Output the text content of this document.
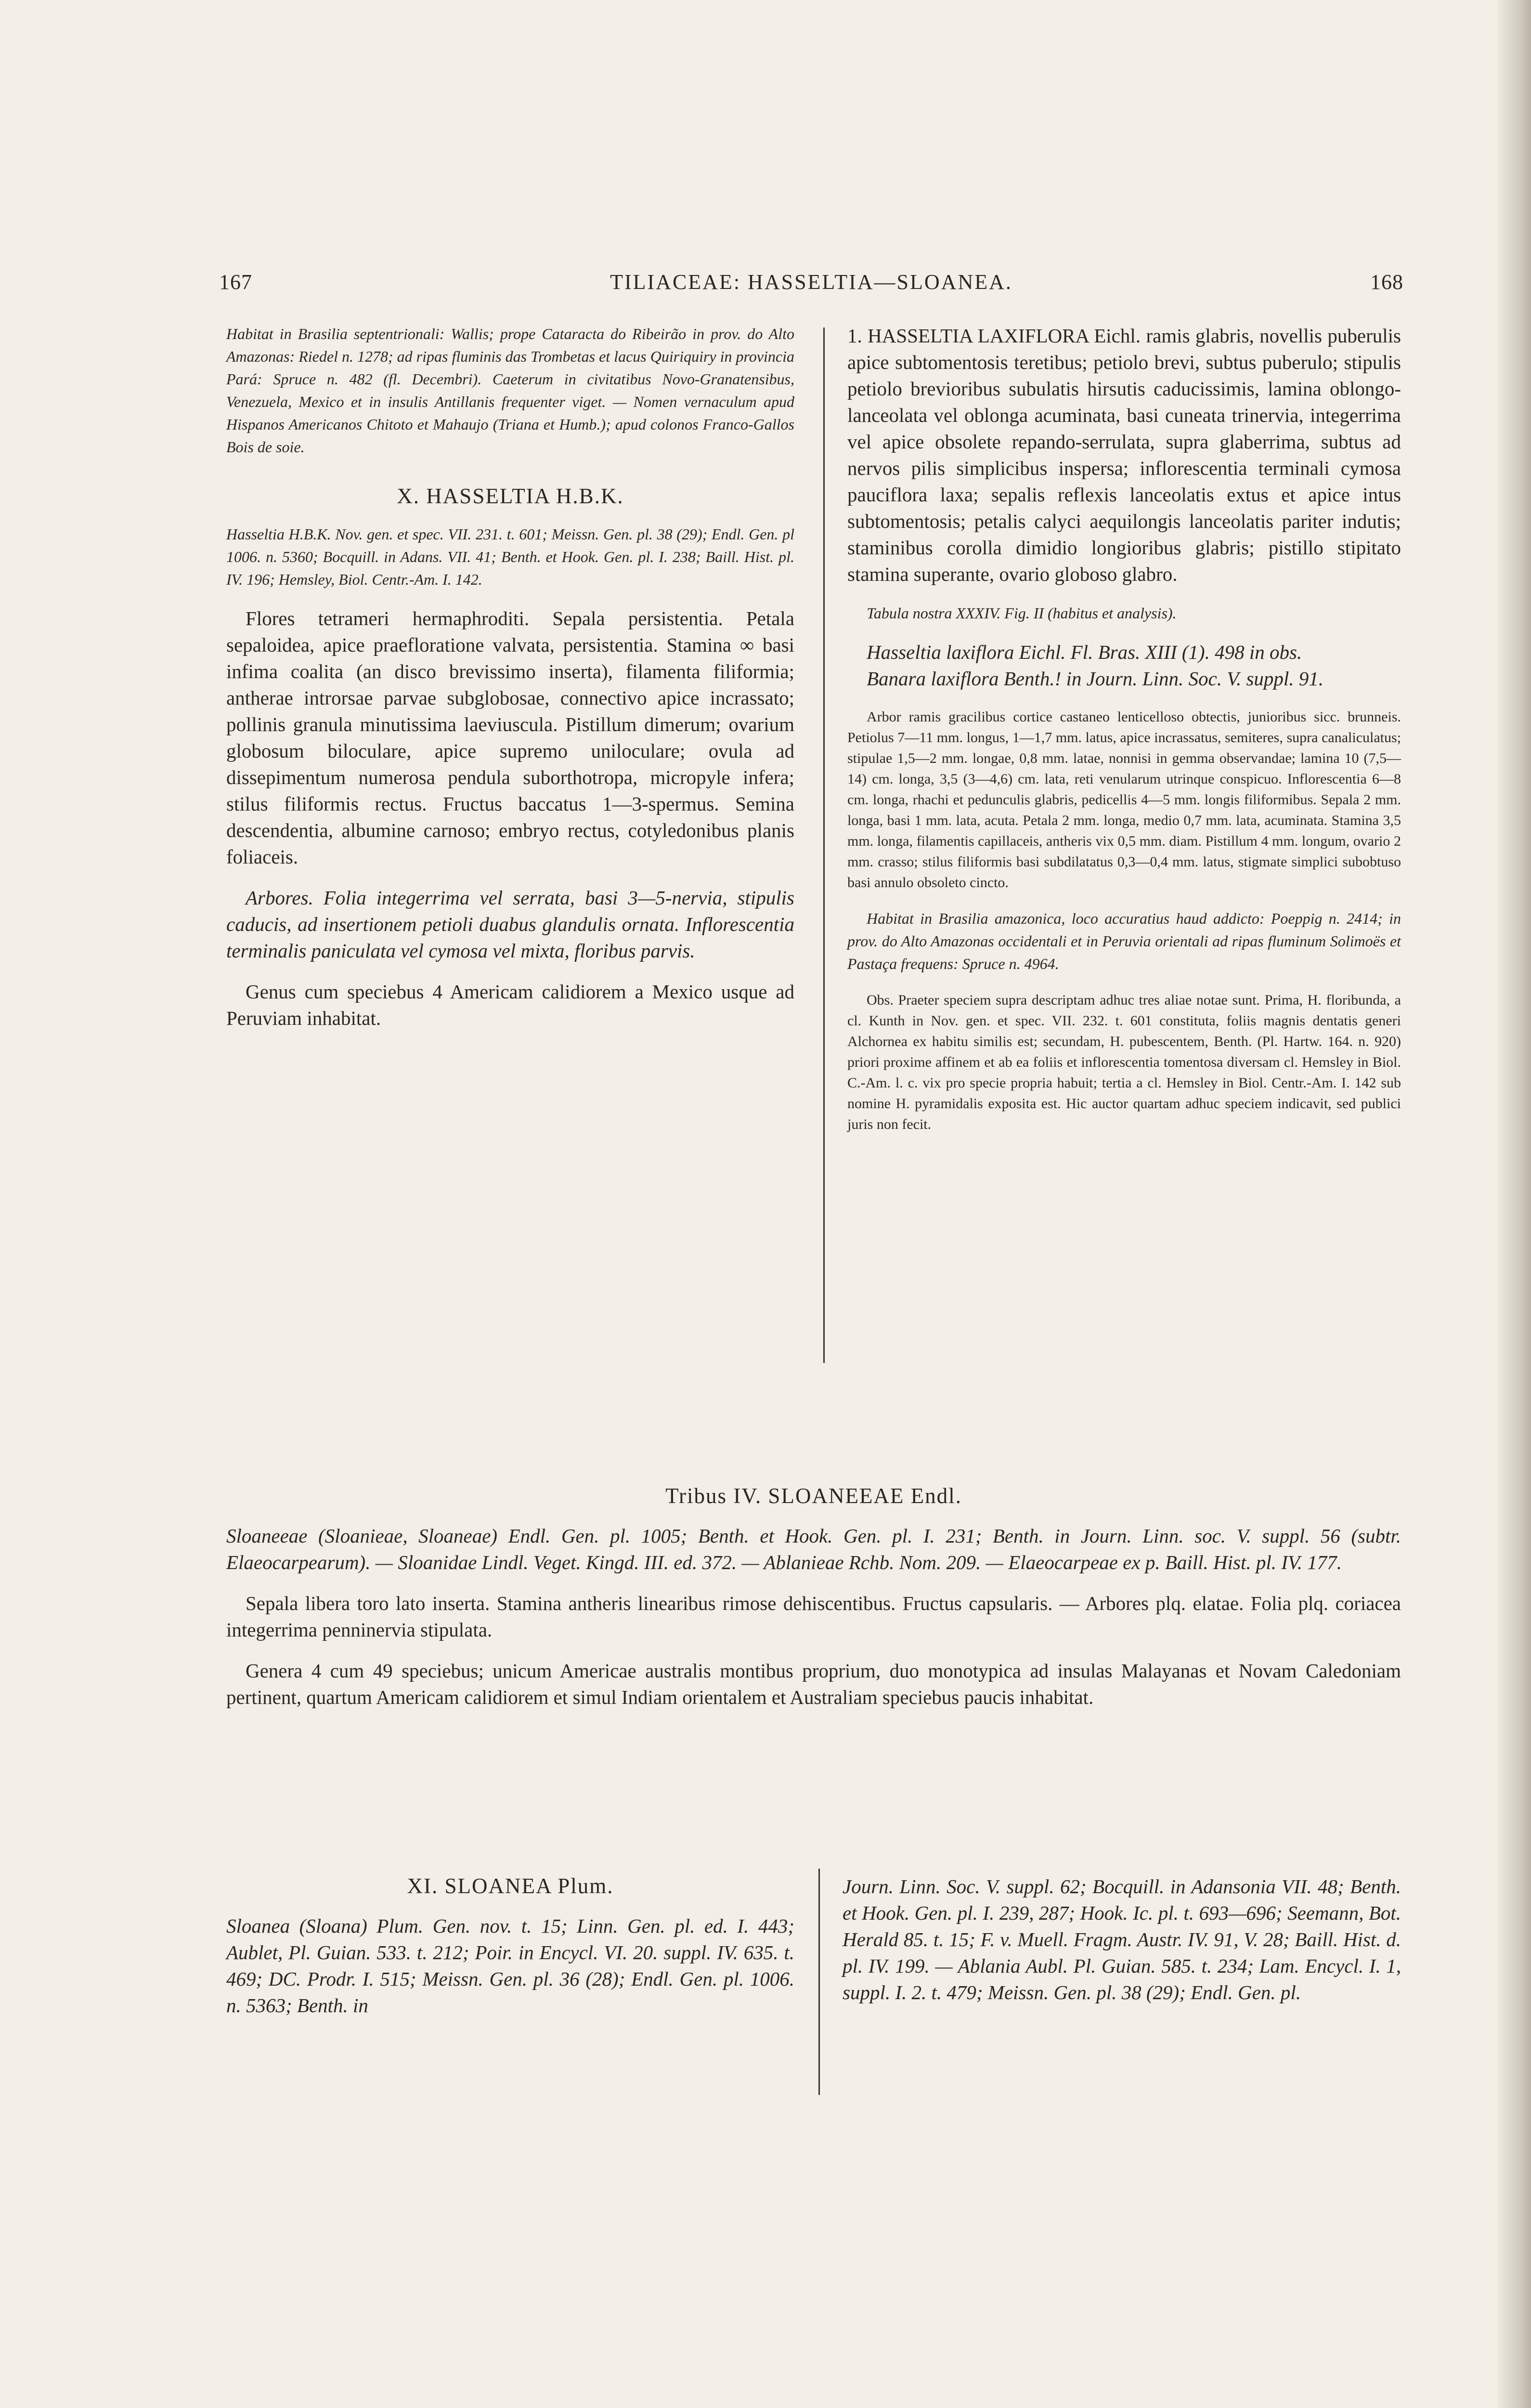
167	TILIACEAE: HASSELTIA—SLOANEA.	168

Habitat in Brasilia septentrionali: Wallis; prope Cataracta do Ribeirão in prov. do Alto Amazonas: Riedel n. 1278; ad ripas fluminis das Trombetas et lacus Quiriquiry in provincia Pará: Spruce n. 482 (fl. Decembri). Caeterum in civitatibus Novo-Granatensibus, Venezuela, Mexico et in insulis Antillanis frequenter viget. — Nomen vernaculum apud Hispanos Americanos Chitoto et Mahaujo (Triana et Humb.); apud colonos Franco-Gallos Bois de soie.

X. HASSELTIA H.B.K.

Hasseltia H.B.K. Nov. gen. et spec. VII. 231. t. 601; Meissn. Gen. pl. 38 (29); Endl. Gen. pl 1006. n. 5360; Bocquill. in Adans. VII. 41; Benth. et Hook. Gen. pl. I. 238; Baill. Hist. pl. IV. 196; Hemsley, Biol. Centr.-Am. I. 142.

Flores tetrameri hermaphroditi. Sepala persistentia. Petala sepaloidea, apice praefloratione valvata, persistentia. Stamina ∞ basi infima coalita (an disco brevissimo inserta), filamenta filiformia; antherae introrsae parvae subglobosae, connectivo apice incrassato; pollinis granula minutissima laeviuscula. Pistillum dimerum; ovarium globosum biloculare, apice supremo uniloculare; ovula ad dissepimentum numerosa pendula suborthotropa, micropyle infera; stilus filiformis rectus. Fructus baccatus 1—3-spermus. Semina descendentia, albumine carnoso; embryo rectus, cotyledonibus planis foliaceis.

Arbores. Folia integerrima vel serrata, basi 3—5-nervia, stipulis caducis, ad insertionem petioli duabus glandulis ornata. Inflorescentia terminalis paniculata vel cymosa vel mixta, floribus parvis.

Genus cum speciebus 4 Americam calidiorem a Mexico usque ad Peruviam inhabitat.

1. HASSELTIA LAXIFLORA Eichl. ramis glabris, novellis puberulis apice subtomentosis teretibus; petiolo brevi, subtus puberulo; stipulis petiolo brevioribus subulatis hirsutis caducissimis, lamina oblongo-lanceolata vel oblonga acuminata, basi cuneata trinervia, integerrima vel apice obsolete repando-serrulata, supra glaberrima, subtus ad nervos pilis simplicibus inspersa; inflorescentia terminali cymosa pauciflora laxa; sepalis reflexis lanceolatis extus et apice intus subtomentosis; petalis calyci aequilongis lanceolatis pariter indutis; staminibus corolla dimidio longioribus glabris; pistillo stipitato stamina superante, ovario globoso glabro.

Tabula nostra XXXIV. Fig. II (habitus et analysis).

Hasseltia laxiflora Eichl. Fl. Bras. XIII (1). 498 in obs.

Banara laxiflora Benth.! in Journ. Linn. Soc. V. suppl. 91.

Arbor ramis gracilibus cortice castaneo lenticelloso obtectis, junioribus sicc. brunneis. Petiolus 7—11 mm. longus, 1—1,7 mm. latus, apice incrassatus, semiteres, supra canaliculatus; stipulae 1,5—2 mm. longae, 0,8 mm. latae, nonnisi in gemma observandae; lamina 10 (7,5—14) cm. longa, 3,5 (3—4,6) cm. lata, reti venularum utrinque conspicuo. Inflorescentia 6—8 cm. longa, rhachi et pedunculis glabris, pedicellis 4—5 mm. longis filiformibus. Sepala 2 mm. longa, basi 1 mm. lata, acuta. Petala 2 mm. longa, medio 0,7 mm. lata, acuminata. Stamina 3,5 mm. longa, filamentis capillaceis, antheris vix 0,5 mm. diam. Pistillum 4 mm. longum, ovario 2 mm. crasso; stilus filiformis basi subdilatatus 0,3—0,4 mm. latus, stigmate simplici subobtuso basi annulo obsoleto cincto.

Habitat in Brasilia amazonica, loco accuratius haud addicto: Poeppig n. 2414; in prov. do Alto Amazonas occidentali et in Peruvia orientali ad ripas fluminum Solimoës et Pastaça frequens: Spruce n. 4964.

Obs. Praeter speciem supra descriptam adhuc tres aliae notae sunt. Prima, H. floribunda, a cl. Kunth in Nov. gen. et spec. VII. 232. t. 601 constituta, foliis magnis dentatis generi Alchornea ex habitu similis est; secundam, H. pubescentem, Benth. (Pl. Hartw. 164. n. 920) priori proxime affinem et ab ea foliis et inflorescentia tomentosa diversam cl. Hemsley in Biol. C.-Am. l. c. vix pro specie propria habuit; tertia a cl. Hemsley in Biol. Centr.-Am. I. 142 sub nomine H. pyramidalis exposita est. Hic auctor quartam adhuc speciem indicavit, sed publici juris non fecit.

Tribus IV. SLOANEEAE Endl.

Sloaneeae (Sloanieae, Sloaneae) Endl. Gen. pl. 1005; Benth. et Hook. Gen. pl. I. 231; Benth. in Journ. Linn. soc. V. suppl. 56 (subtr. Elaeocarpearum). — Sloanidae Lindl. Veget. Kingd. III. ed. 372. — Ablanieae Rchb. Nom. 209. — Elaeocarpeae ex p. Baill. Hist. pl. IV. 177.

Sepala libera toro lato inserta. Stamina antheris linearibus rimose dehiscentibus. Fructus capsularis. — Arbores plq. elatae. Folia plq. coriacea integerrima penninervia stipulata.

Genera 4 cum 49 speciebus; unicum Americae australis montibus proprium, duo monotypica ad insulas Malayanas et Novam Caledoniam pertinent, quartum Americam calidiorem et simul Indiam orientalem et Australiam speciebus paucis inhabitat.

XI. SLOANEA Plum.

Sloanea (Sloana) Plum. Gen. nov. t. 15; Linn. Gen. pl. ed. I. 443; Aublet, Pl. Guian. 533. t. 212; Poir. in Encycl. VI. 20. suppl. IV. 635. t. 469; DC. Prodr. I. 515; Meissn. Gen. pl. 36 (28); Endl. Gen. pl. 1006. n. 5363; Benth. in

Journ. Linn. Soc. V. suppl. 62; Bocquill. in Adansonia VII. 48; Benth. et Hook. Gen. pl. I. 239, 287; Hook. Ic. pl. t. 693—696; Seemann, Bot. Herald 85. t. 15; F. v. Muell. Fragm. Austr. IV. 91, V. 28; Baill. Hist. d. pl. IV. 199. — Ablania Aubl. Pl. Guian. 585. t. 234; Lam. Encycl. I. 1, suppl. I. 2. t. 479; Meissn. Gen. pl. 38 (29); Endl. Gen. pl.
